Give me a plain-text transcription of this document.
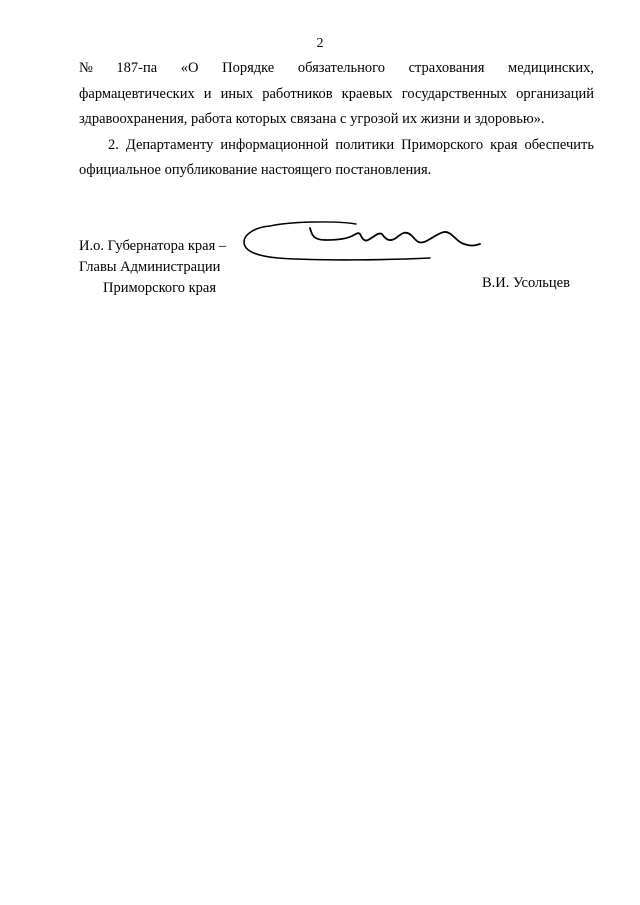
2
№ 187-па «О Порядке обязательного страхования медицинских,
фармацевтических и иных работников краевых государственных организаций здравоохранения, работа которых связана с угрозой их жизни и здоровью».

2. Департаменту информационной политики Приморского края обеспечить официальное опубликование настоящего постановления.

И.о. Губернатора края –
Главы Администрации
Приморского края	В.И. Усольцев
